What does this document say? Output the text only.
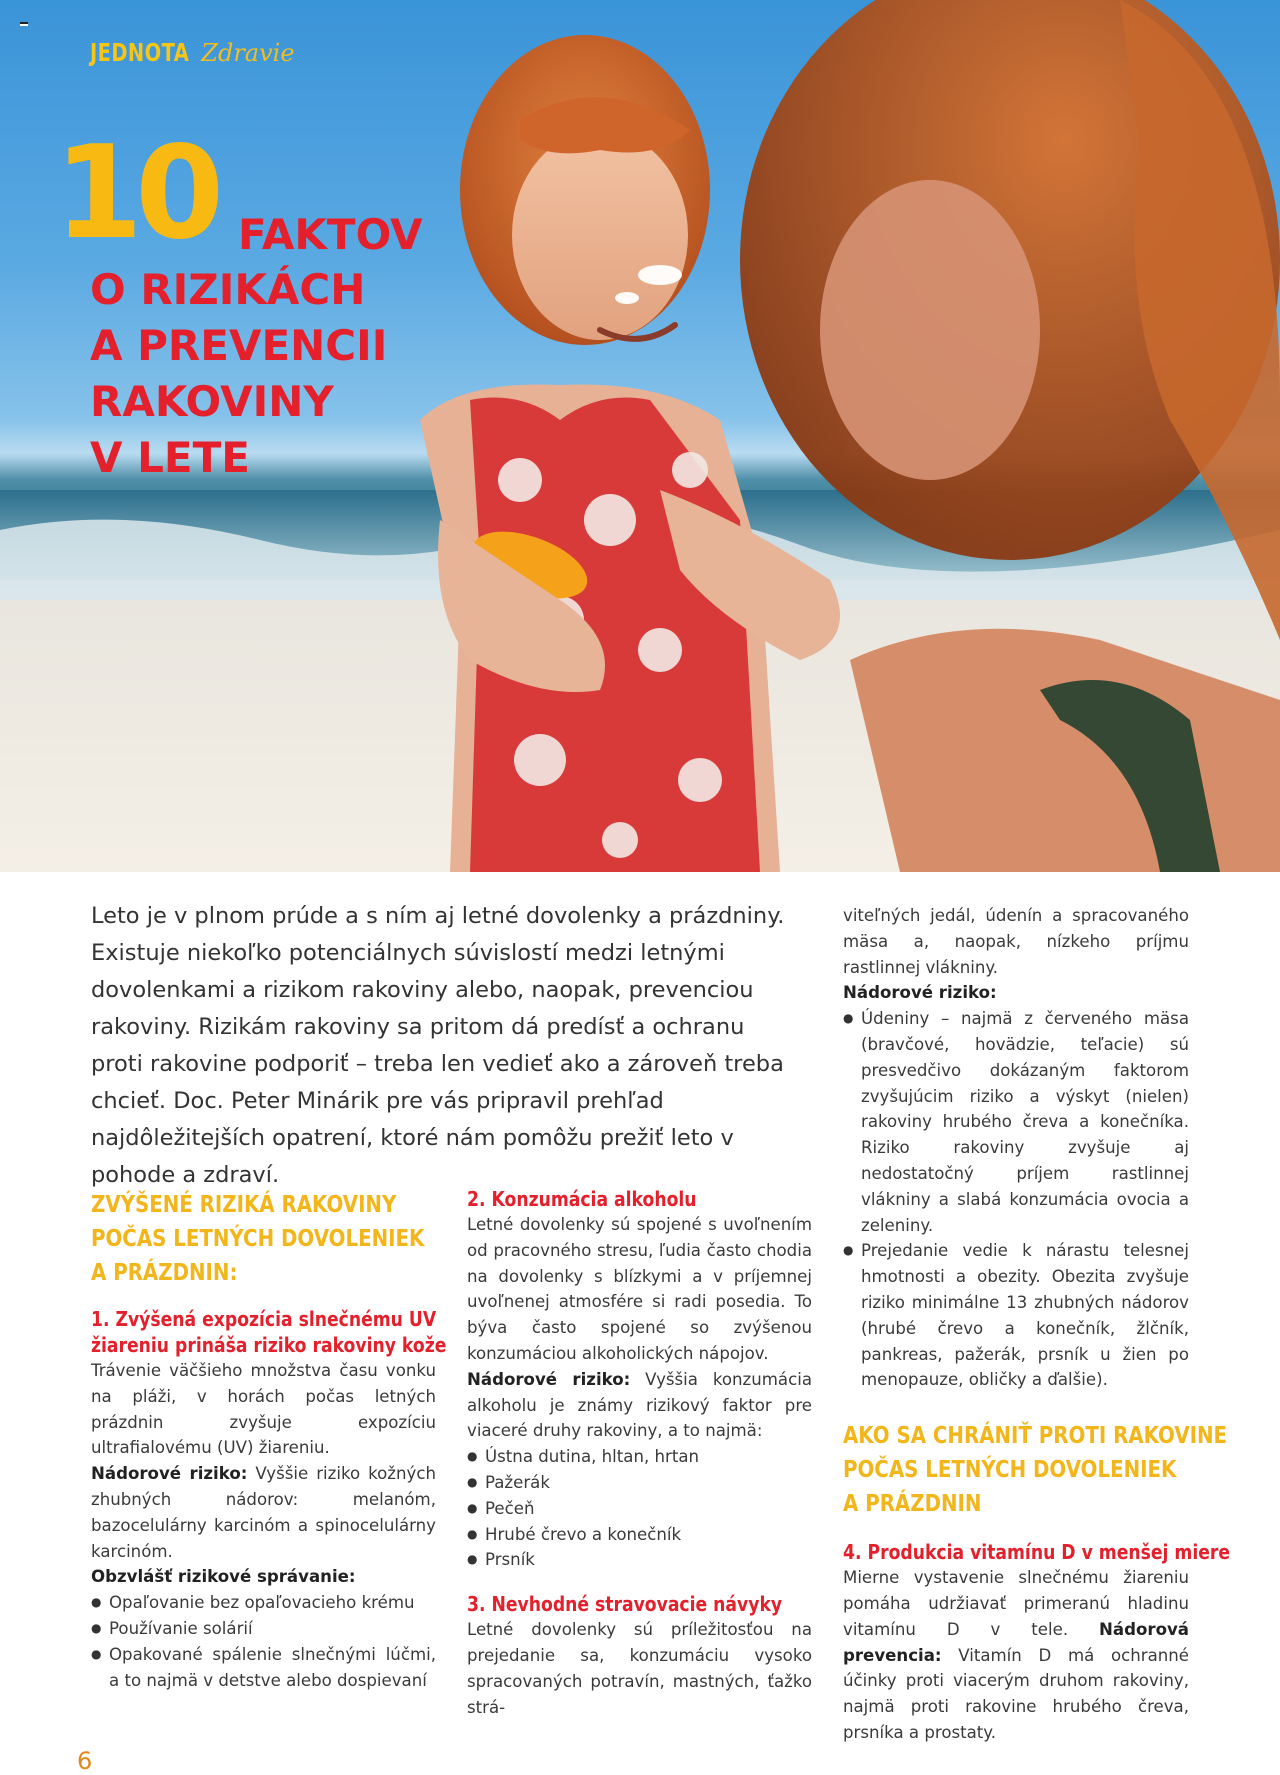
JEDNOTA Zdravie
10 FAKTOV
O RIZIKÁCH
A PREVENCII
RAKOVINY
V LETE

Leto je v plnom prúde a s ním aj letné dovolenky a prázdniny. Existuje niekoľko potenciálnych súvislostí medzi letnými dovolenkami a rizikom rakoviny alebo, naopak, prevenciou rakoviny. Rizikám rakoviny sa pritom dá predísť a ochranu proti rakovine podporiť – treba len vedieť ako a zároveň treba chcieť. Doc. Peter Minárik pre vás pripravil prehľad najdôležitejších opatrení, ktoré nám pomôžu prežiť leto v pohode a zdraví.

ZVÝŠENÉ RIZIKÁ RAKOVINY
POČAS LETNÝCH DOVOLENIEK
A PRÁZDNIN:
1. Zvýšená expozícia slnečnému UV
žiareniu prináša riziko rakoviny kože

Trávenie väčšieho množstva času vonku na pláži, v horách počas letných prázdnin zvyšuje expozíciu ultrafialovému (UV) žiareniu.

Nádorové riziko: Vyššie riziko kožných zhubných nádorov: melanóm, bazocelulárny karcinóm a spinocelulárny karcinóm.

Obzvlášť rizikové správanie:

● Opaľovanie bez opaľovacieho krému
● Používanie solárií
● Opakované spálenie slnečnými lúčmi, a to najmä v detstve alebo dospievaní
2. Konzumácia alkoholu

Letné dovolenky sú spojené s uvoľnením od pracovného stresu, ľudia často chodia na dovolenky s blízkymi a v príjemnej uvoľnenej atmosfére si radi posedia. To býva často spojené so zvýšenou konzumáciou alkoholických nápojov.

Nádorové riziko: Vyššia konzumácia alkoholu je známy rizikový faktor pre viaceré druhy rakoviny, a to najmä:

● Ústna dutina, hltan, hrtan
● Pažerák
● Pečeň
● Hrubé črevo a konečník
● Prsník
3. Nevhodné stravovacie návyky

Letné dovolenky sú príležitosťou na prejedanie sa, konzumáciu vysoko spracovaných potravín, mastných, ťažko strá-

viteľných jedál, údenín a spracovaného mäsa a, naopak, nízkeho príjmu rastlinnej vlákniny.

Nádorové riziko:

● Údeniny – najmä z červeného mäsa (bravčové, hovädzie, teľacie) sú presvedčivo dokázaným faktorom zvyšujúcim riziko a výskyt (nielen) rakoviny hrubého čreva a konečníka. Riziko rakoviny zvyšuje aj nedostatočný príjem rastlinnej vlákniny a slabá konzumácia ovocia a zeleniny.
● Prejedanie vedie k nárastu telesnej hmotnosti a obezity. Obezita zvyšuje riziko minimálne 13 zhubných nádorov (hrubé črevo a konečník, žlčník, pankreas, pažerák, prsník u žien po menopauze, obličky a ďalšie).
AKO SA CHRÁNIŤ PROTI RAKOVINE
POČAS LETNÝCH DOVOLENIEK
A PRÁZDNIN
4. Produkcia vitamínu D v menšej miere

Mierne vystavenie slnečnému žiareniu pomáha udržiavať primeranú hladinu vitamínu D v tele. Nádorová prevencia: Vitamín D má ochranné účinky proti viacerým druhom rakoviny, najmä proti rakovine hrubého čreva, prsníka a prostaty.

6
